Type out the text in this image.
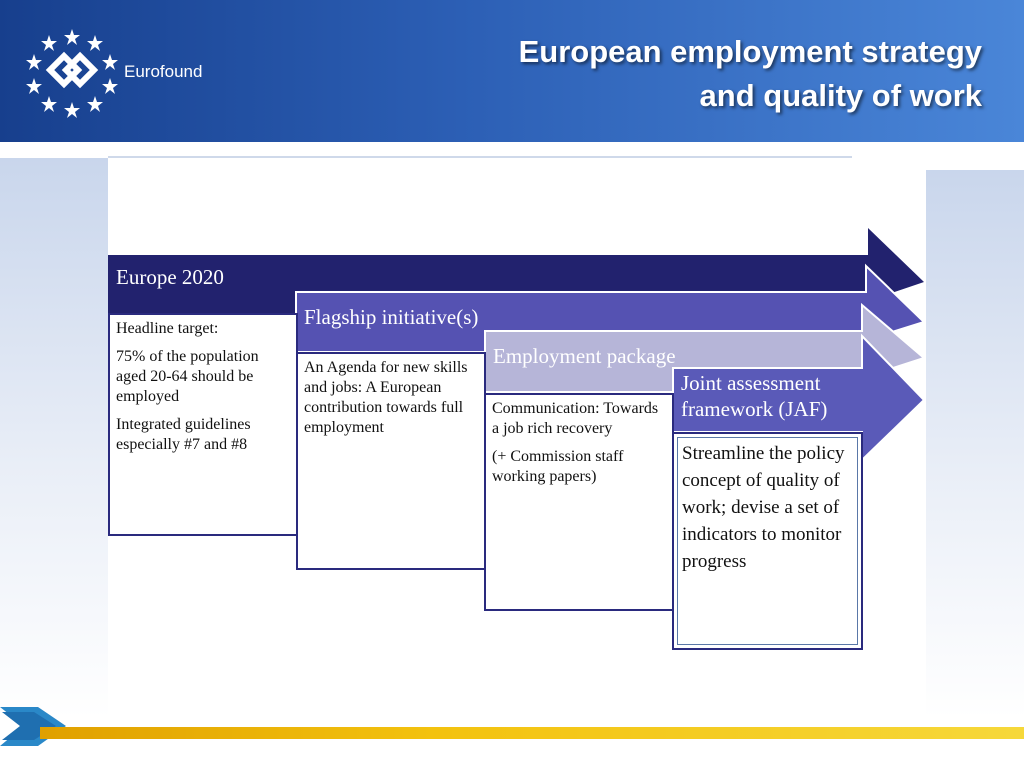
Eurofound
European employment strategy
and quality of work
Europe 2020
Flagship initiative(s)
Employment package
Joint assessment framework (JAF)

Headline target:

75% of the population aged 20-64 should be employed

Integrated guidelines especially #7 and #8

An Agenda for new skills and jobs: A European contribution towards full employment

Communication: Towards a job rich recovery

(+ Commission staff working papers)

Streamline the policy concept of quality of work; devise a set of indicators to monitor progress
